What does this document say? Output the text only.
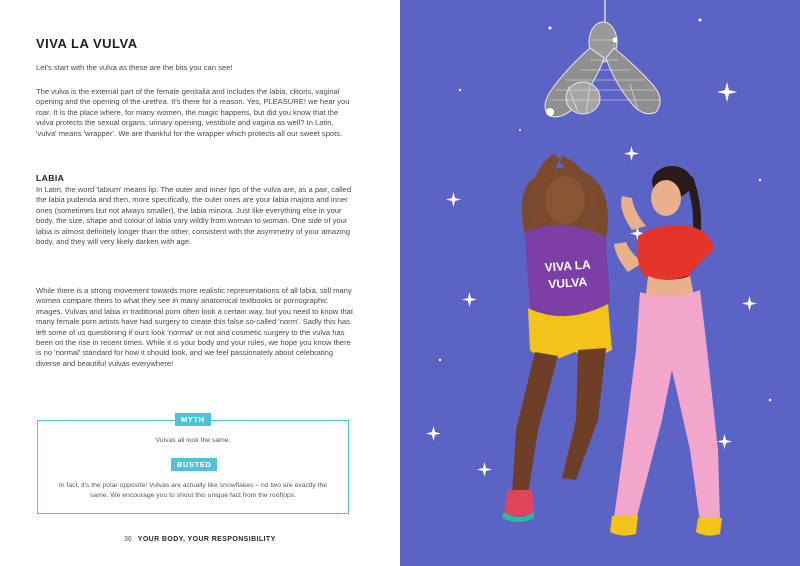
VIVA LA VULVA

Let's start with the vulva as these are the bits you can see!

The vulva is the external part of the female genitalia and includes the labia, clitoris, vaginal opening and the opening of the urethra. It's there for a reason. Yes, PLEASURE! we hear you roar. It is the place where, for many women, the magic happens, but did you know that the vulva protects the sexual organs, urinary opening, vestibule and vagina as well? In Latin, 'vulva' means 'wrapper'. We are thankful for the wrapper which protects all our sweet spots.

LABIA

In Latin, the word 'labium' means lip. The outer and inner lips of the vulva are, as a pair, called the labia pudenda and then, more specifically, the outer ones are your labia majora and inner ones (sometimes but not always smaller), the labia minora. Just like everything else in your body, the size, shape and colour of labia vary wildly from woman to woman. One side of your labia is almost definitely longer than the other, consistent with the asymmetry of your amazing body, and they will very likely darken with age.

While there is a strong movement towards more realistic representations of all labia, still many women compare theirs to what they see in many anatomical textbooks or pornographic images. Vulvas and labia in traditional porn often look a certain way, but you need to know that many female porn artists have had surgery to create this false so-called 'norm'. Sadly this has left some of us questioning if ours look 'normal' or not and cosmetic surgery to the vulva has been on the rise in recent times. While it is your body and your rules, we hope you know there is no 'normal' standard for how it should look, and we feel passionately about celebrating diverse and beautiful vulvas everywhere!

MYTH

Vulvas all look the same.

BUSTED

In fact, it's the polar opposite! Vulvas are actually like snowflakes – no two are exactly the same. We encourage you to shout this unique fact from the rooftops.

36 YOUR BODY, YOUR RESPONSIBILITY
VIVA LA
VULVA
